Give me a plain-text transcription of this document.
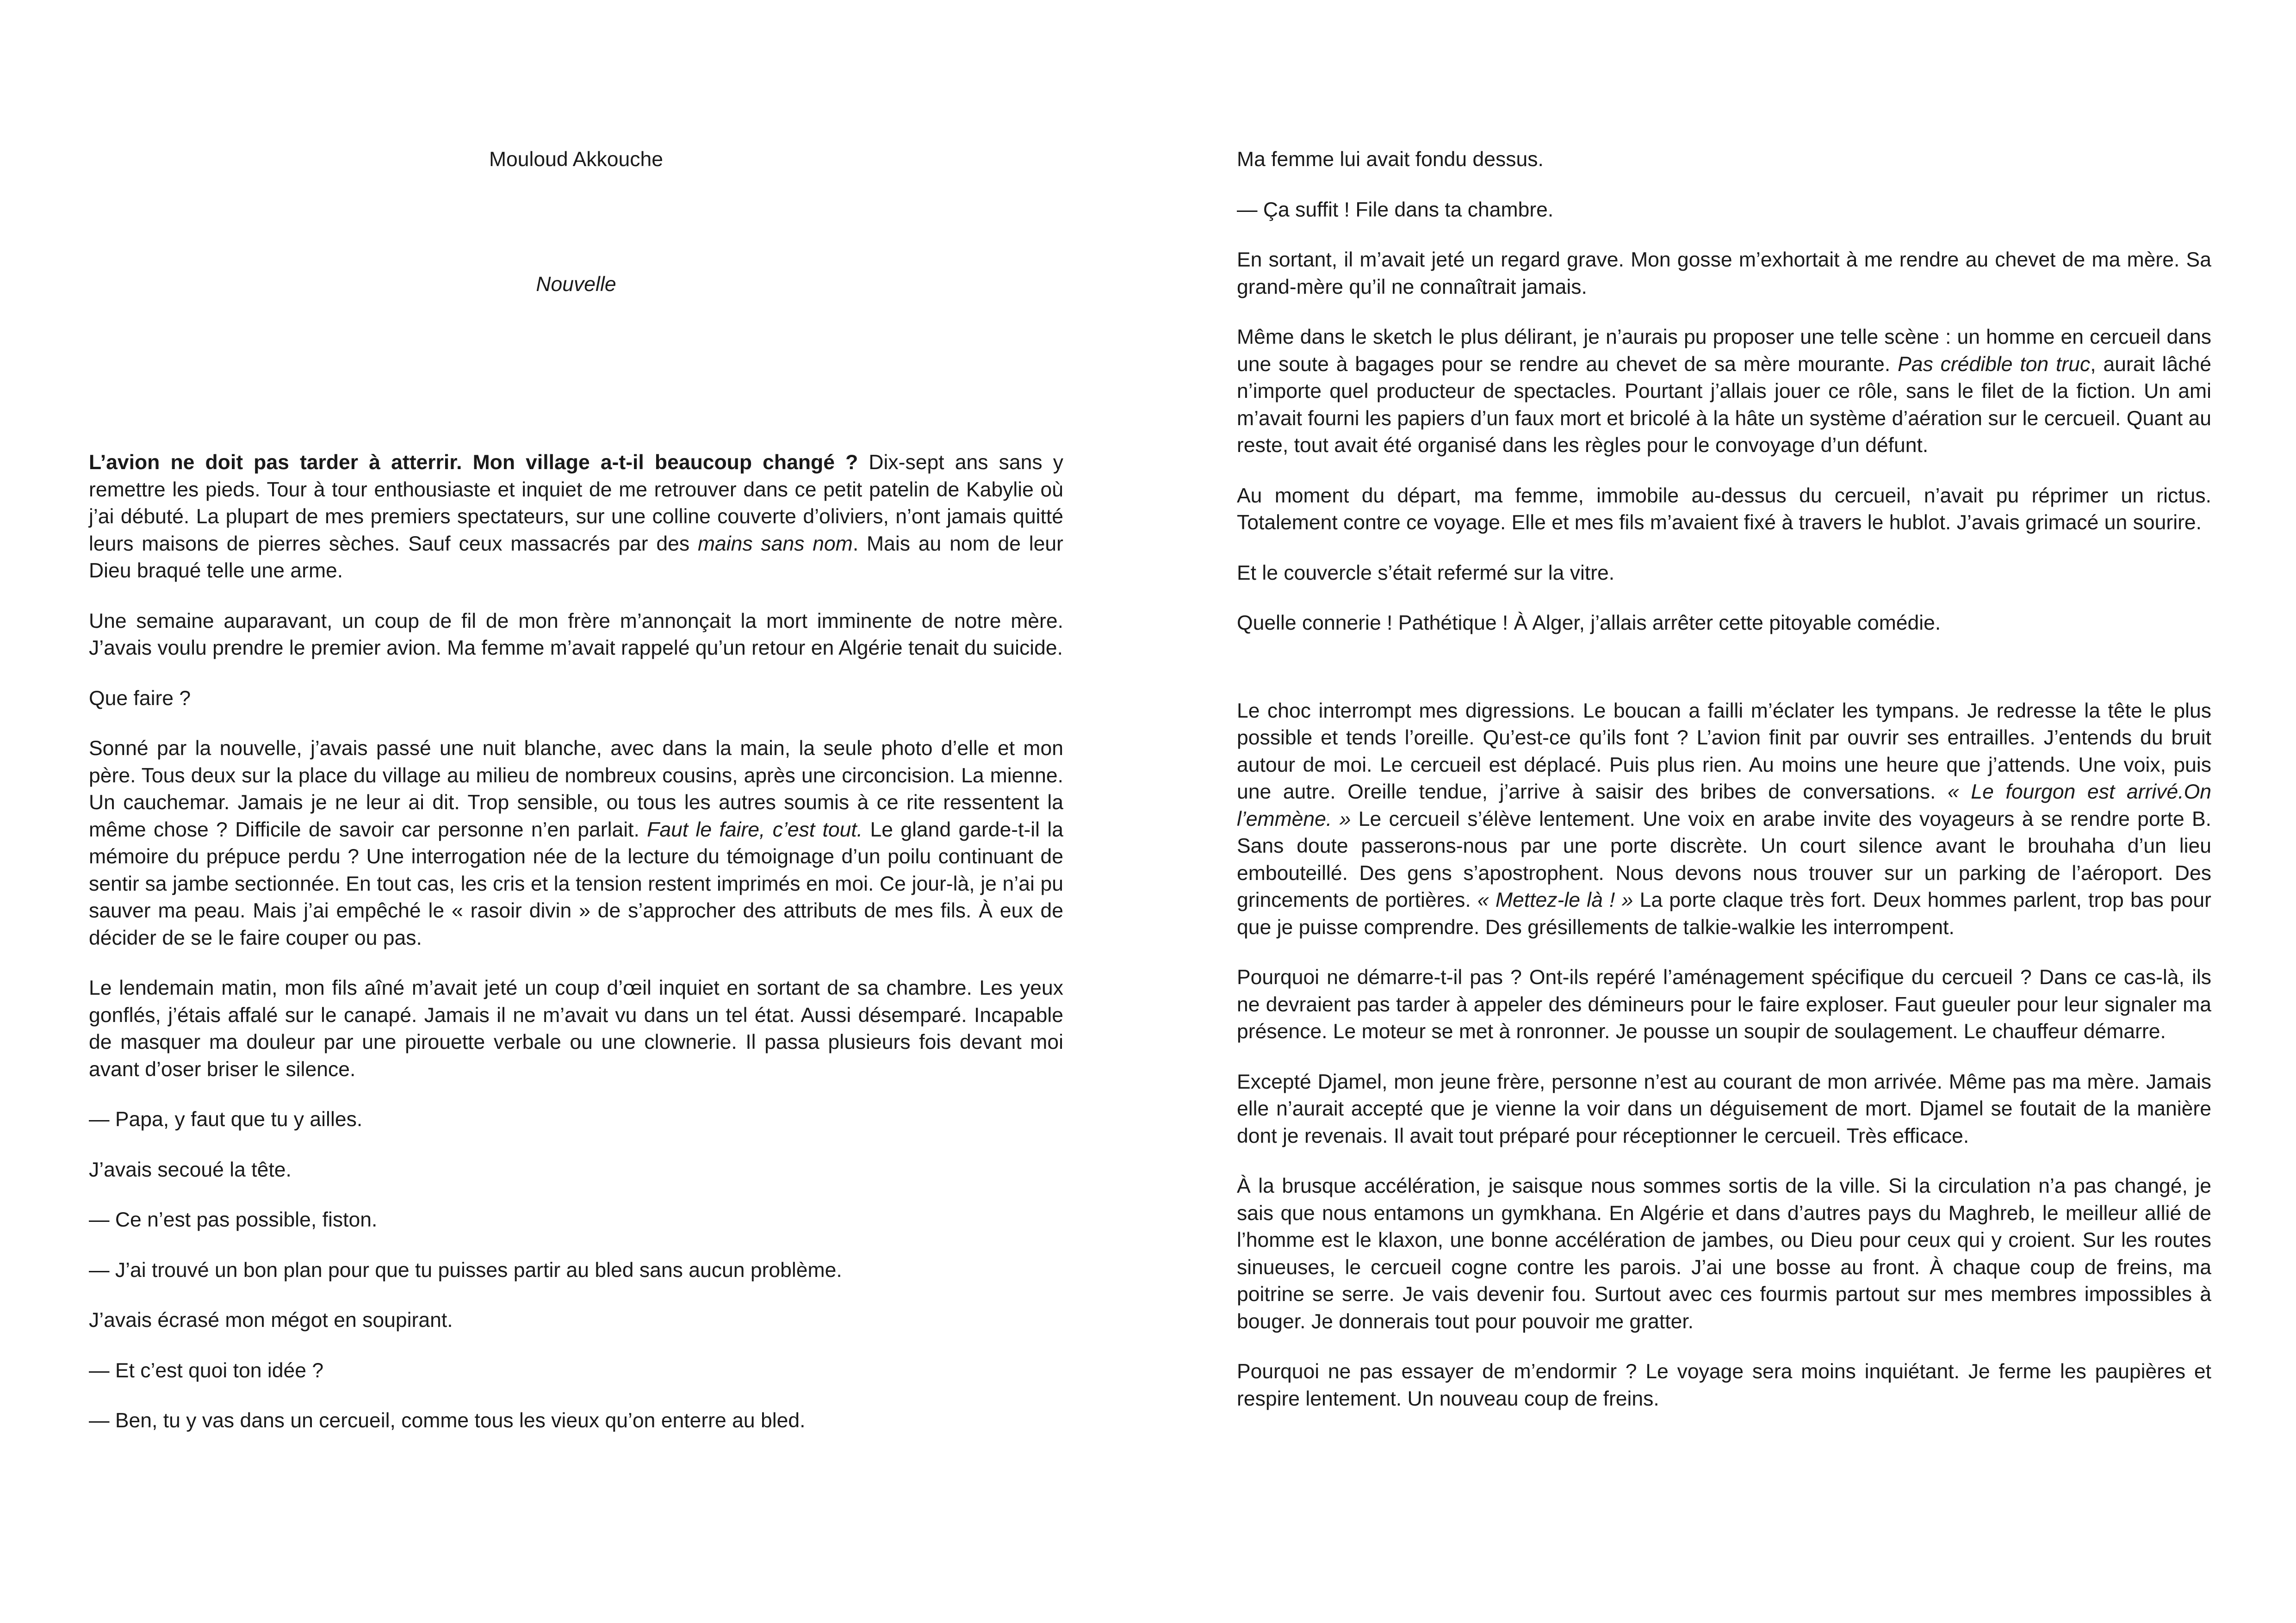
Mouloud Akkouche

Nouvelle

L’avion ne doit pas tarder à atterrir. Mon village a-t-il beaucoup changé ? Dix-sept ans sans y remettre les pieds. Tour à tour enthousiaste et inquiet de me retrouver dans ce petit patelin de Kabylie où j’ai débuté. La plupart de mes premiers spectateurs, sur une colline couverte d’oliviers, n’ont jamais quitté leurs maisons de pierres sèches. Sauf ceux massacrés par des mains sans nom. Mais au nom de leur Dieu braqué telle une arme.

Une semaine auparavant, un coup de fil de mon frère m’annonçait la mort imminente de notre mère. J’avais voulu prendre le premier avion. Ma femme m’avait rappelé qu’un retour en Algérie tenait du suicide.

Que faire ?

Sonné par la nouvelle, j’avais passé une nuit blanche, avec dans la main, la seule photo d’elle et mon père. Tous deux sur la place du village au milieu de nombreux cousins, après une circoncision. La mienne. Un cauchemar. Jamais je ne leur ai dit. Trop sensible, ou tous les autres soumis à ce rite ressentent la même chose ? Difficile de savoir car personne n’en parlait. Faut le faire, c’est tout. Le gland garde-t-il la mémoire du prépuce perdu ? Une interrogation née de la lecture du témoignage d’un poilu continuant de sentir sa jambe sectionnée. En tout cas, les cris et la tension restent imprimés en moi. Ce jour-là, je n’ai pu sauver ma peau. Mais j’ai empêché le « rasoir divin » de s’approcher des attributs de mes fils. À eux de décider de se le faire couper ou pas.

Le lendemain matin, mon fils aîné m’avait jeté un coup d’œil inquiet en sortant de sa chambre. Les yeux gonflés, j’étais affalé sur le canapé. Jamais il ne m’avait vu dans un tel état. Aussi désemparé. Incapable de masquer ma douleur par une pirouette verbale ou une clownerie. Il passa plusieurs fois devant moi avant d’oser briser le silence.

— Papa, y faut que tu y ailles.

J’avais secoué la tête.

— Ce n’est pas possible, fiston.

— J’ai trouvé un bon plan pour que tu puisses partir au bled sans aucun problème.

J’avais écrasé mon mégot en soupirant.

— Et c’est quoi ton idée ?

— Ben, tu y vas dans un cercueil, comme tous les vieux qu’on enterre au bled.

Ma femme lui avait fondu dessus.

— Ça suffit ! File dans ta chambre.

En sortant, il m’avait jeté un regard grave. Mon gosse m’exhortait à me rendre au chevet de ma mère. Sa grand-mère qu’il ne connaîtrait jamais.

Même dans le sketch le plus délirant, je n’aurais pu proposer une telle scène : un homme en cercueil dans une soute à bagages pour se rendre au chevet de sa mère mourante. Pas crédible ton truc, aurait lâché n’importe quel producteur de spectacles. Pourtant j’allais jouer ce rôle, sans le filet de la fiction. Un ami m’avait fourni les papiers d’un faux mort et bricolé à la hâte un système d’aération sur le cercueil. Quant au reste, tout avait été organisé dans les règles pour le convoyage d’un défunt.

Au moment du départ, ma femme, immobile au-dessus du cercueil, n’avait pu réprimer un rictus. Totalement contre ce voyage. Elle et mes fils m’avaient fixé à travers le hublot. J’avais grimacé un sourire.

Et le couvercle s’était refermé sur la vitre.

Quelle connerie ! Pathétique ! À Alger, j’allais arrêter cette pitoyable comédie.

Le choc interrompt mes digressions. Le boucan a failli m’éclater les tympans. Je redresse la tête le plus possible et tends l’oreille. Qu’est-ce qu’ils font ? L’avion finit par ouvrir ses entrailles. J’entends du bruit autour de moi. Le cercueil est déplacé. Puis plus rien. Au moins une heure que j’attends. Une voix, puis une autre. Oreille tendue, j’arrive à saisir des bribes de conversations. « Le fourgon est arrivé.On l’emmène. » Le cercueil s’élève lentement. Une voix en arabe invite des voyageurs à se rendre porte B. Sans doute passerons-nous par une porte discrète. Un court silence avant le brouhaha d’un lieu embouteillé. Des gens s’apostrophent. Nous devons nous trouver sur un parking de l’aéroport. Des grincements de portières. « Mettez-le là ! » La porte claque très fort. Deux hommes parlent, trop bas pour que je puisse comprendre. Des grésillements de talkie-walkie les interrompent.

Pourquoi ne démarre-t-il pas ? Ont-ils repéré l’aménagement spécifique du cercueil ? Dans ce cas-là, ils ne devraient pas tarder à appeler des démineurs pour le faire exploser. Faut gueuler pour leur signaler ma présence. Le moteur se met à ronronner. Je pousse un soupir de soulagement. Le chauffeur démarre.

Excepté Djamel, mon jeune frère, personne n’est au courant de mon arrivée. Même pas ma mère. Jamais elle n’aurait accepté que je vienne la voir dans un déguisement de mort. Djamel se foutait de la manière dont je revenais. Il avait tout préparé pour réceptionner le cercueil. Très efficace.

À la brusque accélération, je saisque nous sommes sortis de la ville. Si la circulation n’a pas changé, je sais que nous entamons un gymkhana. En Algérie et dans d’autres pays du Maghreb, le meilleur allié de l’homme est le klaxon, une bonne accélération de jambes, ou Dieu pour ceux qui y croient. Sur les routes sinueuses, le cercueil cogne contre les parois. J’ai une bosse au front. À chaque coup de freins, ma poitrine se serre. Je vais devenir fou. Surtout avec ces fourmis partout sur mes membres impossibles à bouger. Je donnerais tout pour pouvoir me gratter.

Pourquoi ne pas essayer de m’endormir ? Le voyage sera moins inquiétant. Je ferme les paupières et respire lentement. Un nouveau coup de freins.
